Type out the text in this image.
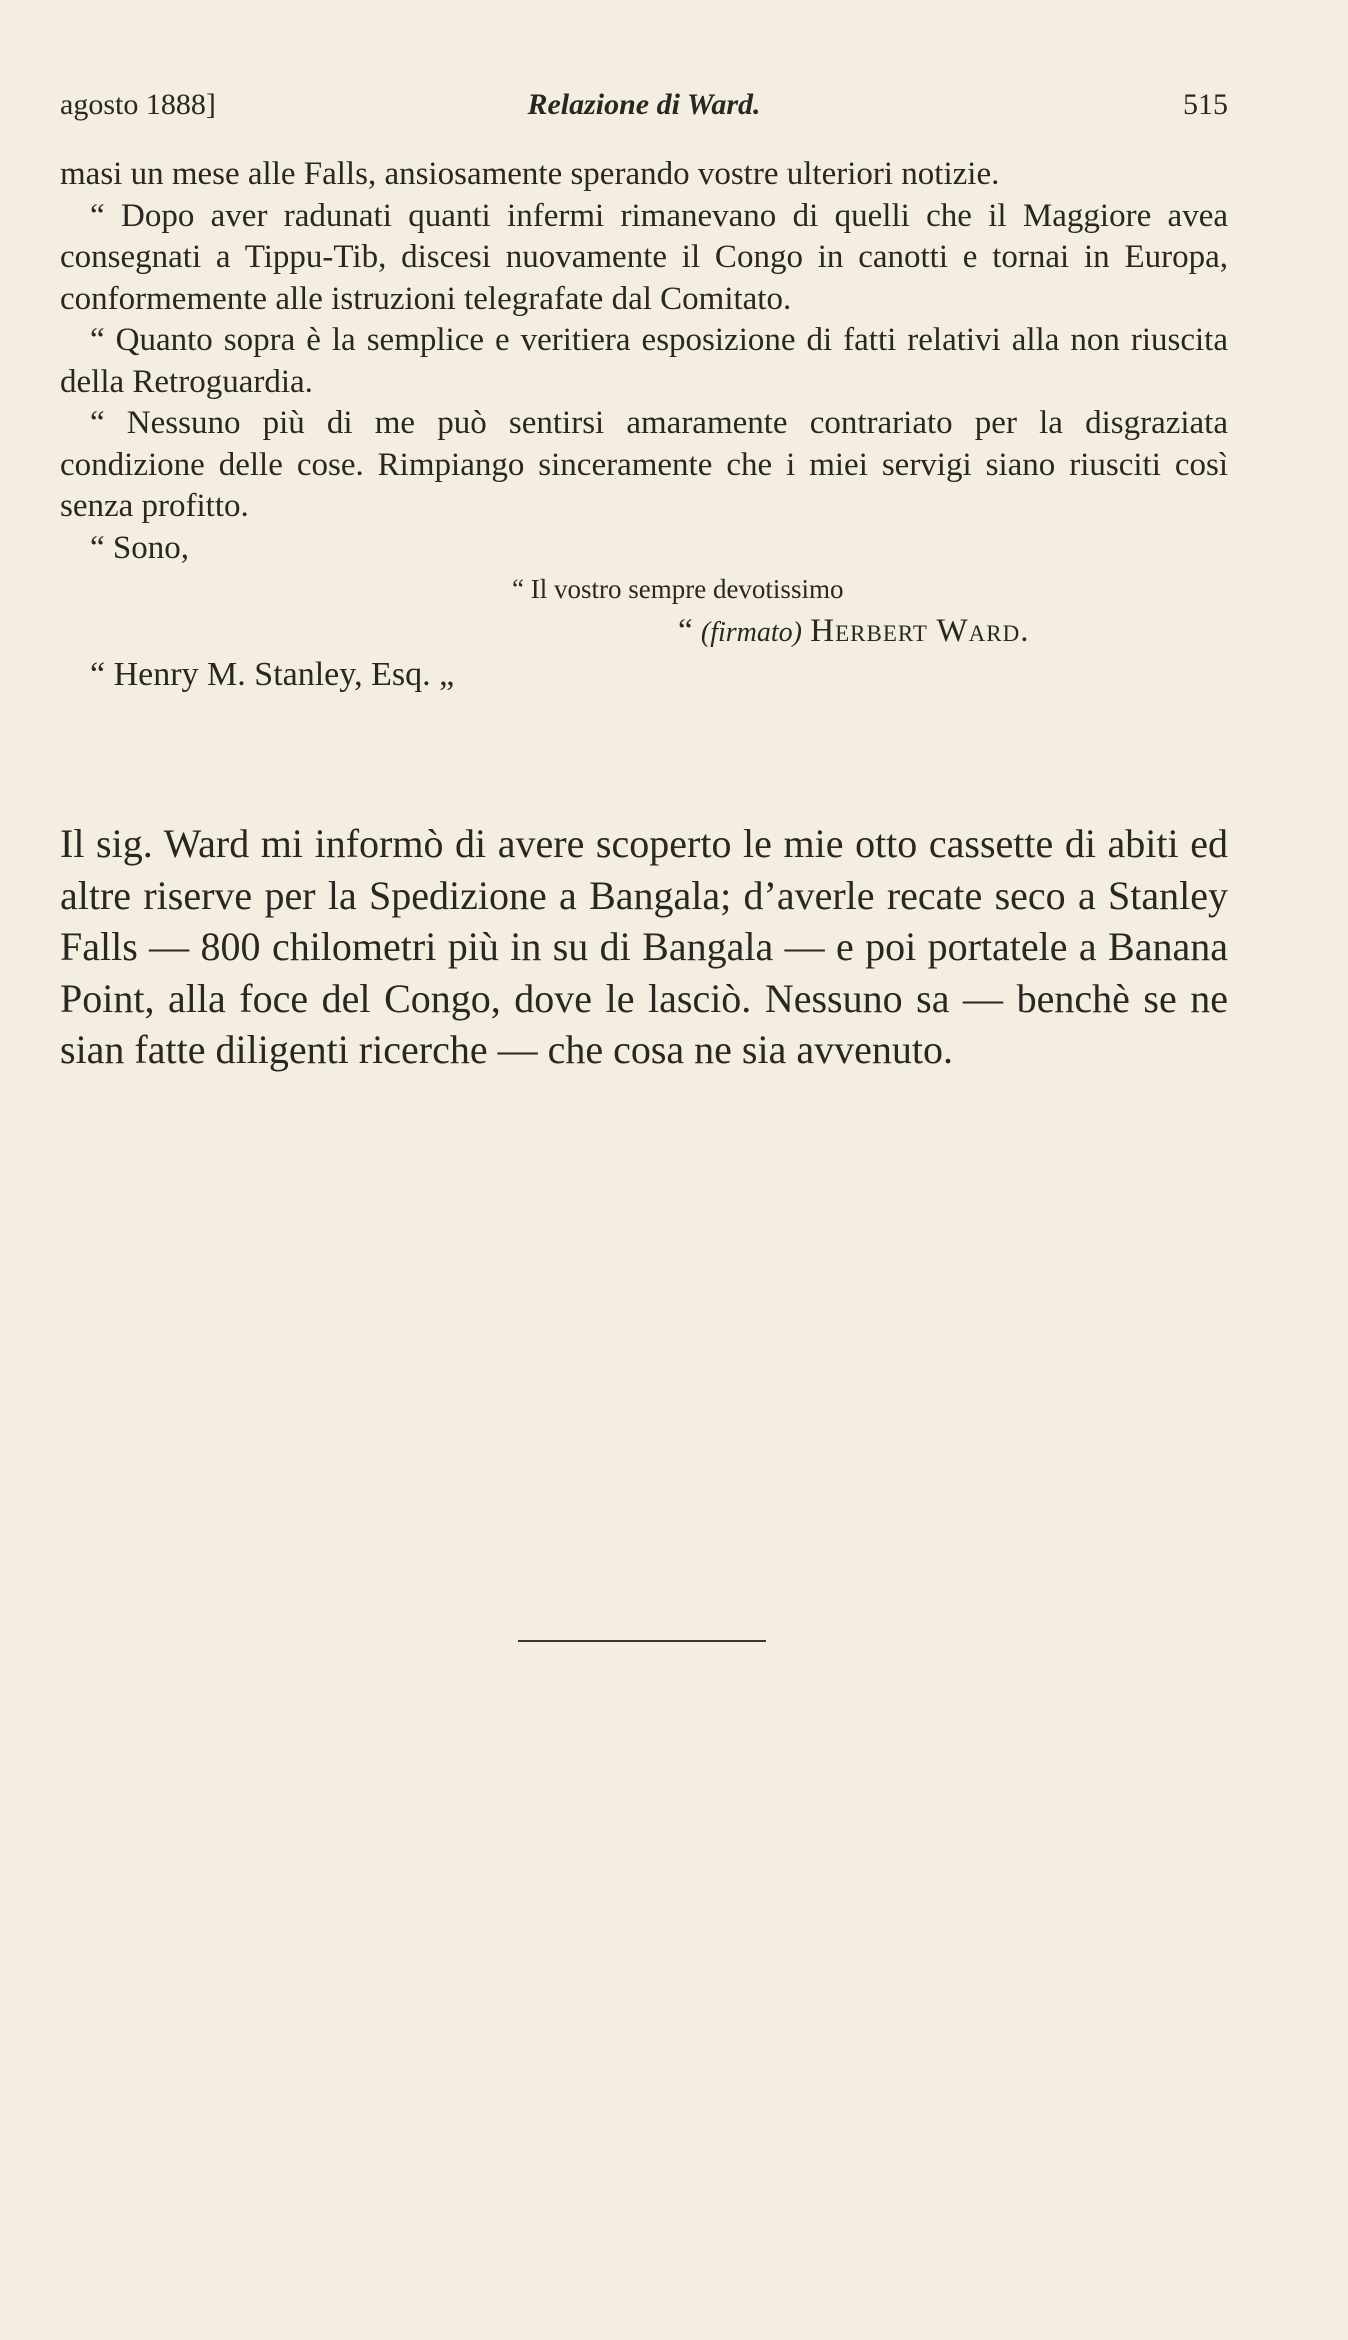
agosto 1888]	Relazione di Ward.	515

masi un mese alle Falls, ansiosamente sperando vostre ulteriori notizie.

“ Dopo aver radunati quanti infermi rimanevano di quelli che il Maggiore avea consegnati a Tippu-Tib, discesi nuovamente il Congo in canotti e tornai in Europa, conformemente alle istruzioni telegrafate dal Comitato.

“ Quanto sopra è la semplice e veritiera esposizione di fatti relativi alla non riuscita della Retroguardia.

“ Nessuno più di me può sentirsi amaramente contrariato per la disgraziata condizione delle cose. Rimpiango sinceramente che i miei servigi siano riusciti così senza profitto.

“ Sono,
“ Il vostro sempre devotissimo
“ (firmato) Herbert Ward.
“ Henry M. Stanley, Esq. „

Il sig. Ward mi informò di avere scoperto le mie otto cassette di abiti ed altre riserve per la Spedizione a Bangala; d’averle recate seco a Stanley Falls — 800 chilometri più in su di Bangala — e poi portatele a Banana Point, alla foce del Congo, dove le lasciò. Nessuno sa — benchè se ne sian fatte diligenti ricerche — che cosa ne sia avvenuto.
